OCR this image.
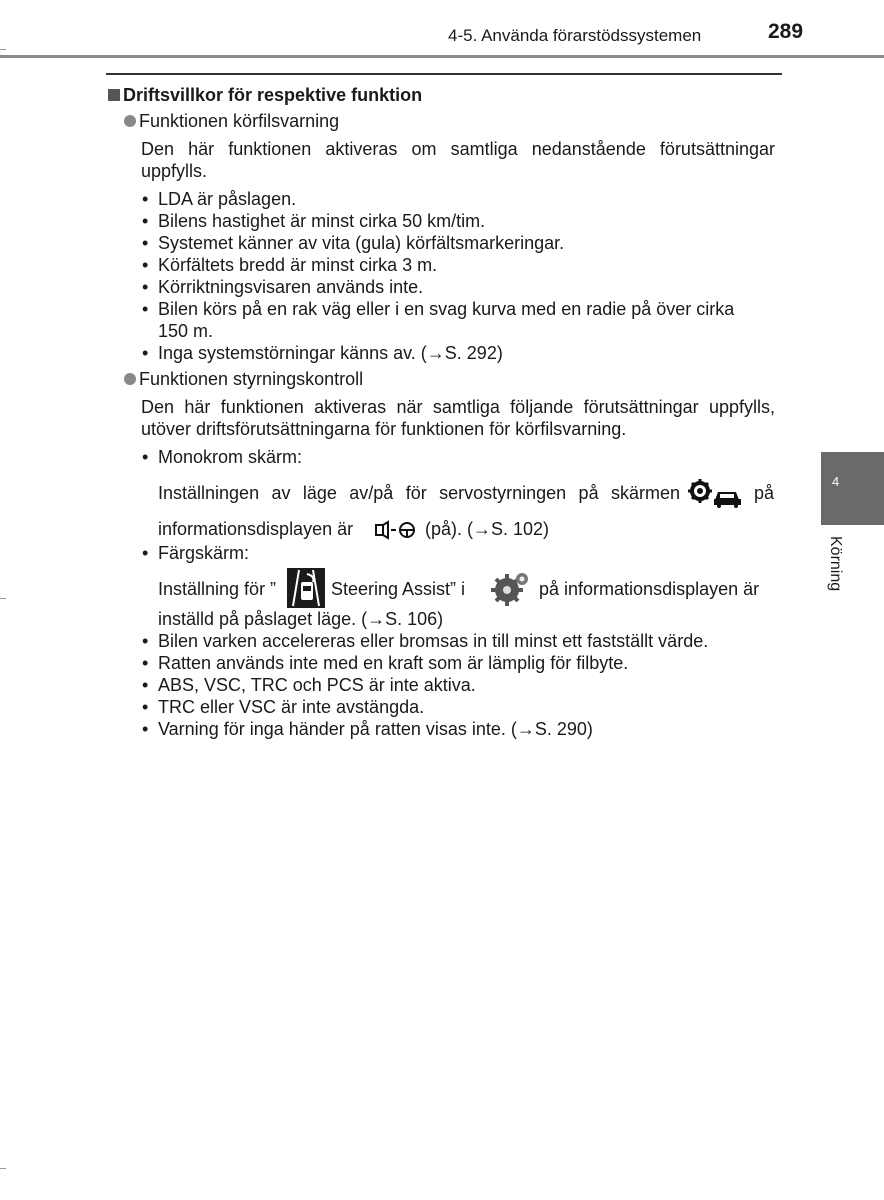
4-5. Använda förarstödssystemen	289
4
Körning
Driftsvillkor för respektive funktion
Funktionen körfilsvarning
Den här funktionen aktiveras om samtliga nedanstående förutsättningar
uppfylls.
• LDA är påslagen.
• Bilens hastighet är minst cirka 50 km/tim.
• Systemet känner av vita (gula) körfältsmarkeringar.
• Körfältets bredd är minst cirka 3 m.
• Körriktningsvisaren används inte.
• Bilen körs på en rak väg eller i en svag kurva med en radie på över cirka
150 m.
• Inga systemstörningar känns av. (→S. 292)
Funktionen styrningskontroll
Den här funktionen aktiveras när samtliga följande förutsättningar uppfylls,
utöver driftsförutsättningarna för funktionen för körfilsvarning.
• Monokrom skärm:
Inställningen av läge av/på för servostyrningen på skärmen	på
informationsdisplayen är	(på). (→S. 102)
• Färgskärm:
Inställning för ”	Steering Assist” i	på informationsdisplayen är
inställd på påslaget läge. (→S. 106)
• Bilen varken accelereras eller bromsas in till minst ett fastställt värde.
• Ratten används inte med en kraft som är lämplig för filbyte.
• ABS, VSC, TRC och PCS är inte aktiva.
• TRC eller VSC är inte avstängda.
• Varning för inga händer på ratten visas inte. (→S. 290)
